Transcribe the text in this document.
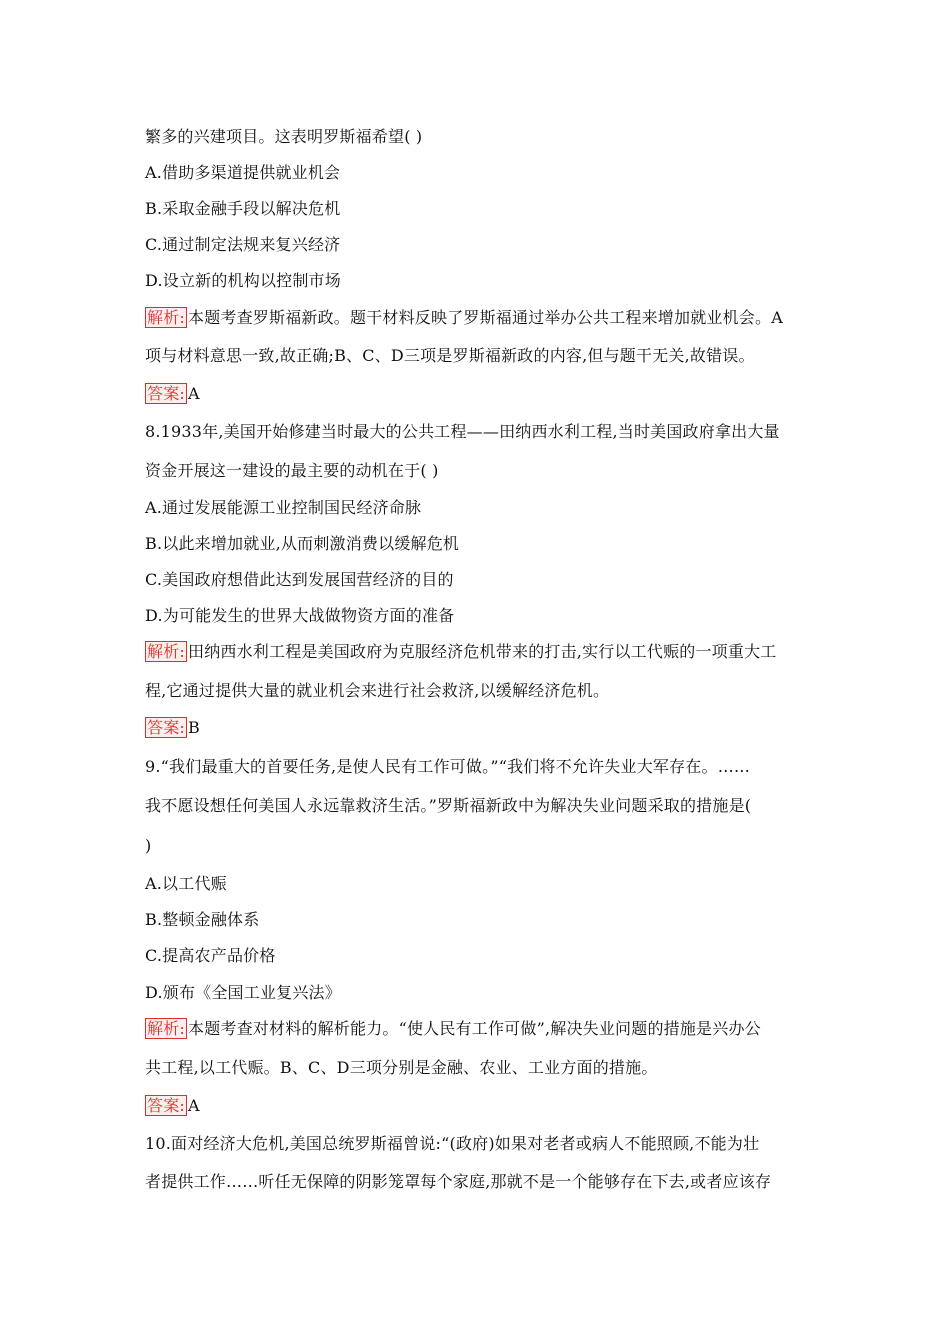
繁多的兴建项目。这表明罗斯福希望( )
A.借助多渠道提供就业机会
B.采取金融手段以解决危机
C.通过制定法规来复兴经济
D.设立新的机构以控制市场
解析: 本题考查罗斯福新政。题干材料反映了罗斯福通过举办公共工程来增加就业机会。A
项与材料意思一致,故正确;B、C、D三项是罗斯福新政的内容,但与题干无关,故错误。
答案: A
8.1933年,美国开始修建当时最大的公共工程——田纳西水利工程,当时美国政府拿出大量
资金开展这一建设的最主要的动机在于( )
A.通过发展能源工业控制国民经济命脉
B.以此来增加就业,从而刺激消费以缓解危机
C.美国政府想借此达到发展国营经济的目的
D.为可能发生的世界大战做物资方面的准备
解析: 田纳西水利工程是美国政府为克服经济危机带来的打击,实行以工代赈的一项重大工
程,它通过提供大量的就业机会来进行社会救济,以缓解经济危机。
答案: B
9.“我们最重大的首要任务,是使人民有工作可做。”“我们将不允许失业大军存在。……
我不愿设想任何美国人永远靠救济生活。”罗斯福新政中为解决失业问题采取的措施是(
)
A.以工代赈
B.整顿金融体系
C.提高农产品价格
D.颁布《全国工业复兴法》
解析: 本题考查对材料的解析能力。“使人民有工作可做”,解决失业问题的措施是兴办公
共工程,以工代赈。B、C、D三项分别是金融、农业、工业方面的措施。
答案: A
10.面对经济大危机,美国总统罗斯福曾说:“(政府)如果对老者或病人不能照顾,不能为壮
者提供工作……听任无保障的阴影笼罩每个家庭,那就不是一个能够存在下去,或者应该存
